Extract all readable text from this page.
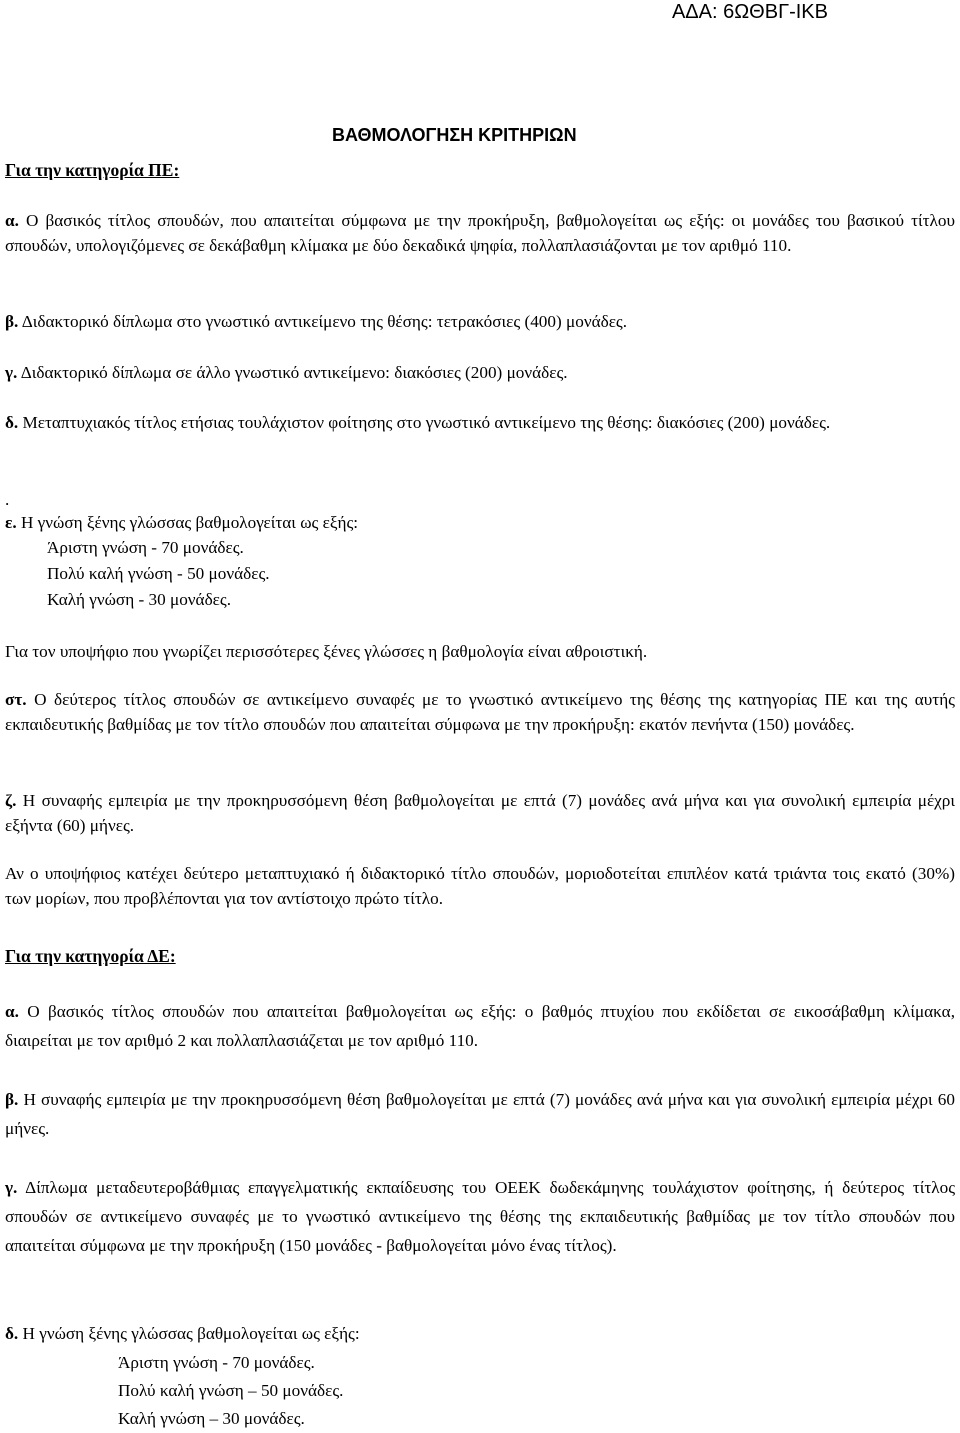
ΑΔΑ: 6ΩΘΒΓ-ΙΚΒ
ΒΑΘΜΟΛΟΓΗΣΗ ΚΡΙΤΗΡΙΩΝ
Για την κατηγορία ΠΕ:
α. Ο βασικός τίτλος σπουδών, που απαιτείται σύμφωνα με την προκήρυξη, βαθμολογείται ως εξής: οι μονάδες του βασικού τίτλου σπουδών, υπολογιζόμενες σε δεκάβαθμη κλίμακα με δύο δεκαδικά ψηφία, πολλαπλασιάζονται με τον αριθμό 110.
β. Διδακτορικό δίπλωμα στο γνωστικό αντικείμενο της θέσης: τετρακόσιες (400) μονάδες.
γ. Διδακτορικό δίπλωμα σε άλλο γνωστικό αντικείμενο: διακόσιες (200) μονάδες.
δ. Μεταπτυχιακός τίτλος ετήσιας τουλάχιστον φοίτησης στο γνωστικό αντικείμενο της θέσης: διακόσιες (200) μονάδες.
.
ε. Η γνώση ξένης γλώσσας βαθμολογείται ως εξής:
Άριστη γνώση - 70 μονάδες.
Πολύ καλή γνώση - 50 μονάδες.
Καλή γνώση - 30 μονάδες.
Για τον υποψήφιο που γνωρίζει περισσότερες ξένες γλώσσες η βαθμολογία είναι αθροιστική.
στ. Ο δεύτερος τίτλος σπουδών σε αντικείμενο συναφές με το γνωστικό αντικείμενο της θέσης της κατηγορίας ΠΕ και της αυτής εκπαιδευτικής βαθμίδας με τον τίτλο σπουδών που απαιτείται σύμφωνα με την προκήρυξη: εκατόν πενήντα (150) μονάδες.
ζ. Η συναφής εμπειρία με την προκηρυσσόμενη θέση βαθμολογείται με επτά (7) μονάδες ανά μήνα και για συνολική εμπειρία μέχρι εξήντα (60) μήνες.
Αν ο υποψήφιος κατέχει δεύτερο μεταπτυχιακό ή διδακτορικό τίτλο σπουδών, μοριοδοτείται επιπλέον κατά τριάντα τοις εκατό (30%) των μορίων, που προβλέπονται για τον αντίστοιχο πρώτο τίτλο.
Για την κατηγορία ΔΕ:
α. Ο βασικός τίτλος σπουδών που απαιτείται βαθμολογείται ως εξής: ο βαθμός πτυχίου που εκδίδεται σε εικοσάβαθμη κλίμακα, διαιρείται με τον αριθμό 2 και πολλαπλασιάζεται με τον αριθμό 110.
β. Η συναφής εμπειρία με την προκηρυσσόμενη θέση βαθμολογείται με επτά (7) μονάδες ανά μήνα και για συνολική εμπειρία μέχρι 60 μήνες.
γ. Δίπλωμα μεταδευτεροβάθμιας επαγγελματικής εκπαίδευσης του ΟΕΕΚ δωδεκάμηνης τουλάχιστον φοίτησης, ή δεύτερος τίτλος σπουδών σε αντικείμενο συναφές με το γνωστικό αντικείμενο της θέσης της εκπαιδευτικής βαθμίδας με τον τίτλο σπουδών που απαιτείται σύμφωνα με την προκήρυξη (150 μονάδες - βαθμολογείται μόνο ένας τίτλος).
δ. Η γνώση ξένης γλώσσας βαθμολογείται ως εξής:
Άριστη γνώση - 70 μονάδες.
Πολύ καλή γνώση – 50 μονάδες.
Καλή γνώση – 30 μονάδες.
